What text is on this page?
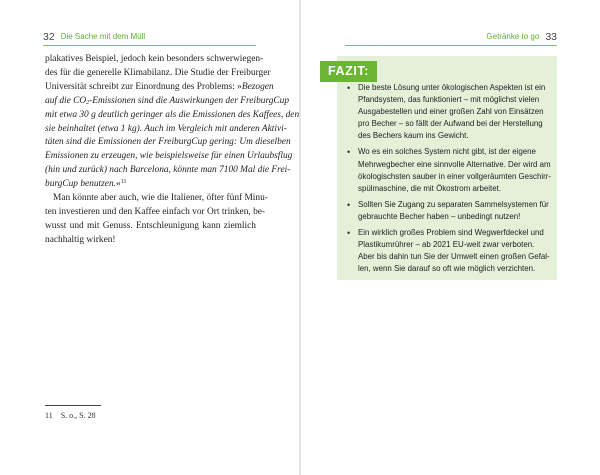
32 Die Sache mit dem Müll
plakatives Beispiel, jedoch kein besonders schwerwiegen-
des für die generelle Klimabilanz. Die Studie der Freiburger
Universität schreibt zur Einordnung des Problems: »Bezogen
auf die $CO_2$-Emissionen sind die Auswirkungen der FreiburgCup
mit etwa 30 g deutlich geringer als die Emissionen des Kaffees, den
sie beinhaltet (etwa 1 kg). Auch im Vergleich mit anderen Aktivi-
täten sind die Emissionen der FreiburgCup gering: Um dieselben
Emissionen zu erzeugen, wie beispielsweise für einen Urlaubsflug
(hin und zurück) nach Barcelona, könnte man 7100 Mal die Frei-
burgCup benutzen.«$^{11}$
Man könnte aber auch, wie die Italiener, öfter fünf Minu-
ten investieren und den Kaffee einfach vor Ort trinken, be-
wusst und mit Genuss. Entschleunigung kann ziemlich
nachhaltig wirken!
11 S. o., S. 28
Getränke to go 33
FAZIT:
• Die beste Lösung unter ökologischen Aspekten ist ein
Pfandsystem, das funktioniert – mit möglichst vielen
Ausgabestellen und einer großen Zahl von Einsätzen
pro Becher – so fällt der Aufwand bei der Herstellung
des Bechers kaum ins Gewicht.
• Wo es ein solches System nicht gibt, ist der eigene
Mehrwegbecher eine sinnvolle Alternative. Der wird am
ökologischsten sauber in einer vollgeräumten Geschirr-
spülmaschine, die mit Ökostrom arbeitet.
• Sollten Sie Zugang zu separaten Sammelsystemen für
gebrauchte Becher haben – unbedingt nutzen!
• Ein wirklich großes Problem sind Wegwerfdeckel und
Plastikumrührer – ab 2021 EU-weit zwar verboten.
Aber bis dahin tun Sie der Umwelt einen großen Gefal-
len, wenn Sie darauf so oft wie möglich verzichten.
